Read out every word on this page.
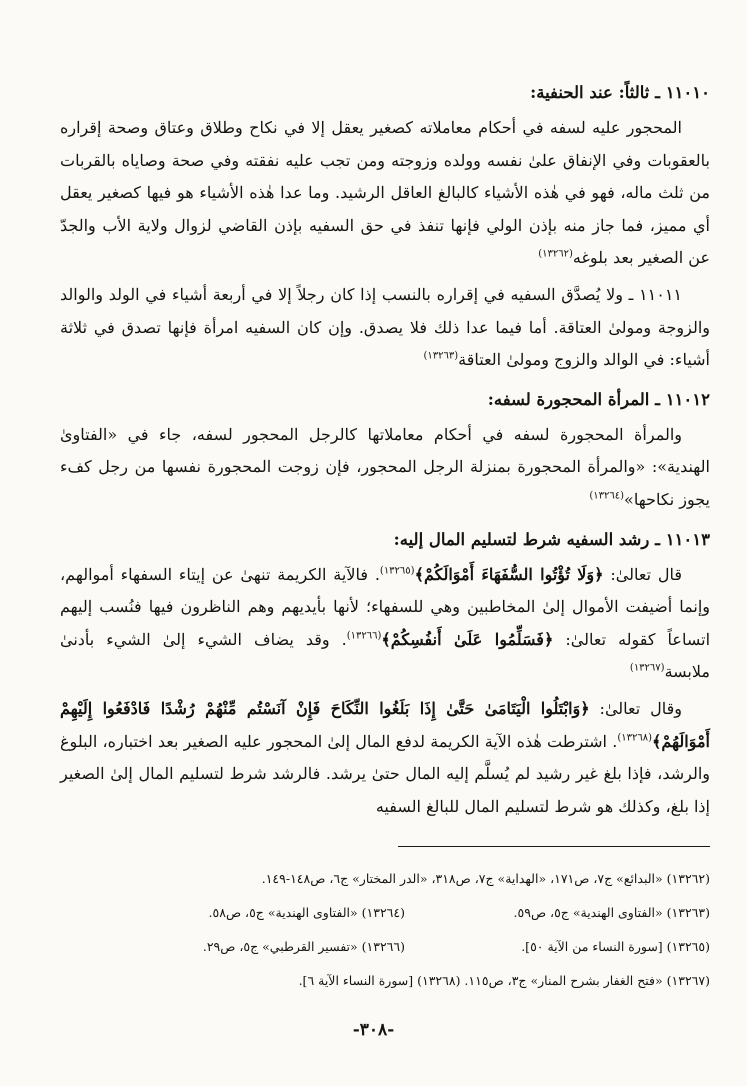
١١٠١٠ ـ ثالثاً: عند الحنفية:

المحجور عليه لسفه في أحكام معاملاته كصغير يعقل إلا في نكاح وطلاق وعتاق وصحة إقراره بالعقوبات وفي الإنفاق علىٰ نفسه وولده وزوجته ومن تجب عليه نفقته وفي صحة وصاياه بالقربات من ثلث ماله، فهو في هٰذه الأشياء كالبالغ العاقل الرشيد. وما عدا هٰذه الأشياء هو فيها كصغير يعقل أي مميز، فما جاز منه بإذن الولي فإنها تنفذ في حق السفيه بإذن القاضي لزوال ولاية الأب والجدّ عن الصغير بعد بلوغه$^{(١٣٢٦٢)}$

١١٠١١ ـ ولا يُصدَّق السفيه في إقراره بالنسب إذا كان رجلاً إلا في أربعة أشياء في الولد والوالد والزوجة ومولىٰ العتاقة. أما فيما عدا ذلك فلا يصدق. وإن كان السفيه امرأة فإنها تصدق في ثلاثة أشياء: في الوالد والزوج ومولىٰ العتاقة$^{(١٣٢٦٣)}$

١١٠١٢ ـ المرأة المحجورة لسفه:

والمرأة المحجورة لسفه في أحكام معاملاتها كالرجل المحجور لسفه، جاء في «الفتاوىٰ الهندية»: «والمرأة المحجورة بمنزلة الرجل المحجور، فإن زوجت المحجورة نفسها من رجل كفء يجوز نكاحها»$^{(١٣٢٦٤)}$

١١٠١٣ ـ رشد السفيه شرط لتسليم المال إليه:

قال تعالىٰ: ﴿وَلَا تُؤْتُوا السُّفَهَاءَ أَمْوَالَكُمْ﴾$^{(١٣٢٦٥)}$. فالآية الكريمة تنهىٰ عن إيتاء السفهاء أموالهم، وإنما أضيفت الأموال إلىٰ المخاطبين وهي للسفهاء؛ لأنها بأيديهم وهم الناظرون فيها فنُسب إليهم اتساعاً كقوله تعالىٰ: ﴿فَسَلِّمُوا عَلَىٰ أَنفُسِكُمْ﴾$^{(١٣٢٦٦)}$. وقد يضاف الشيء إلىٰ الشيء بأدنىٰ ملابسة$^{(١٣٢٦٧)}$

وقال تعالىٰ: ﴿وَابْتَلُوا الْيَتَامَىٰ حَتَّىٰ إِذَا بَلَغُوا النِّكَاحَ فَإِنْ آنَسْتُم مِّنْهُمْ رُشْدًا فَادْفَعُوا إِلَيْهِمْ أَمْوَالَهُمْ﴾$^{(١٣٢٦٨)}$. اشترطت هٰذه الآية الكريمة لدفع المال إلىٰ المحجور عليه الصغير بعد اختباره، البلوغ والرشد، فإذا بلغ غير رشيد لم يُسلَّم إليه المال حتىٰ يرشد. فالرشد شرط لتسليم المال إلىٰ الصغير إذا بلغ، وكذلك هو شرط لتسليم المال للبالغ السفيه

(١٣٢٦٢) «البدائع» ج٧، ص١٧١، «الهداية» ج٧، ص٣١٨، «الدر المختار» ج٦، ص١٤٨-١٤٩.
(١٣٢٦٣) «الفتاوى الهندية» ج٥، ص٥٩.
(١٣٢٦٤) «الفتاوى الهندية» ج٥، ص٥٨.
(١٣٢٦٥) [سورة النساء من الآية ٥٠].
(١٣٢٦٦) «تفسير القرطبي» ج٥، ص٢٩.
(١٣٢٦٧) «فتح الغفار بشرح المنار» ج٣، ص١١٥. (١٣٢٦٨) [سورة النساء الآية ٦].
-٣٠٨-
